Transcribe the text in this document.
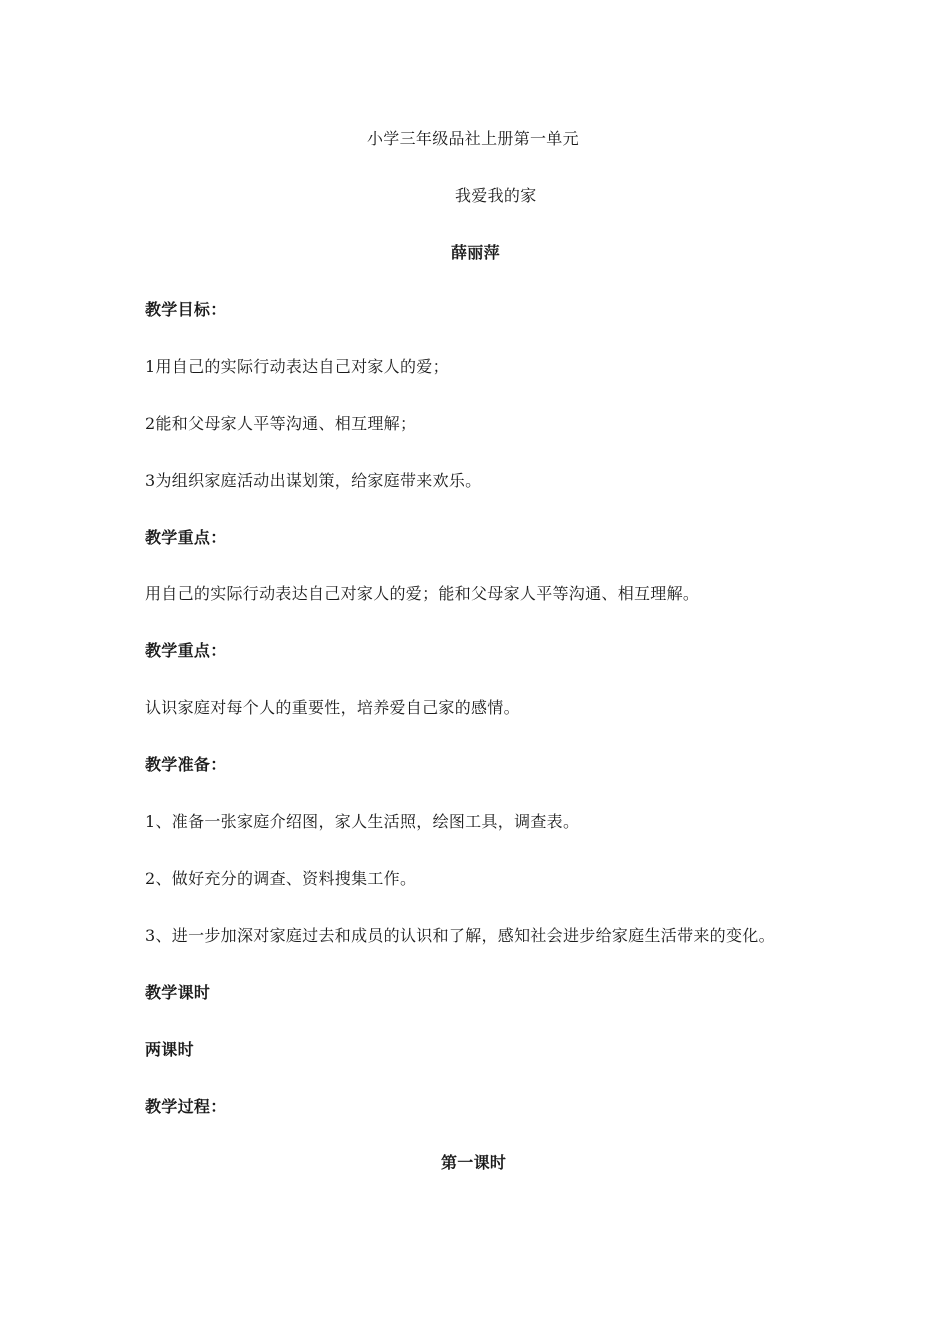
小学三年级品社上册第一单元
我爱我的家
薛丽萍
教学目标：
1用自己的实际行动表达自己对家人的爱；
2能和父母家人平等沟通、相互理解；
3为组织家庭活动出谋划策，给家庭带来欢乐。
教学重点：
用自己的实际行动表达自己对家人的爱；能和父母家人平等沟通、相互理解。
教学重点：
认识家庭对每个人的重要性，培养爱自己家的感情。
教学准备：
1、准备一张家庭介绍图，家人生活照，绘图工具，调查表。
2、做好充分的调查、资料搜集工作。
3、进一步加深对家庭过去和成员的认识和了解，感知社会进步给家庭生活带来的变化。
教学课时
两课时
教学过程：
第一课时
